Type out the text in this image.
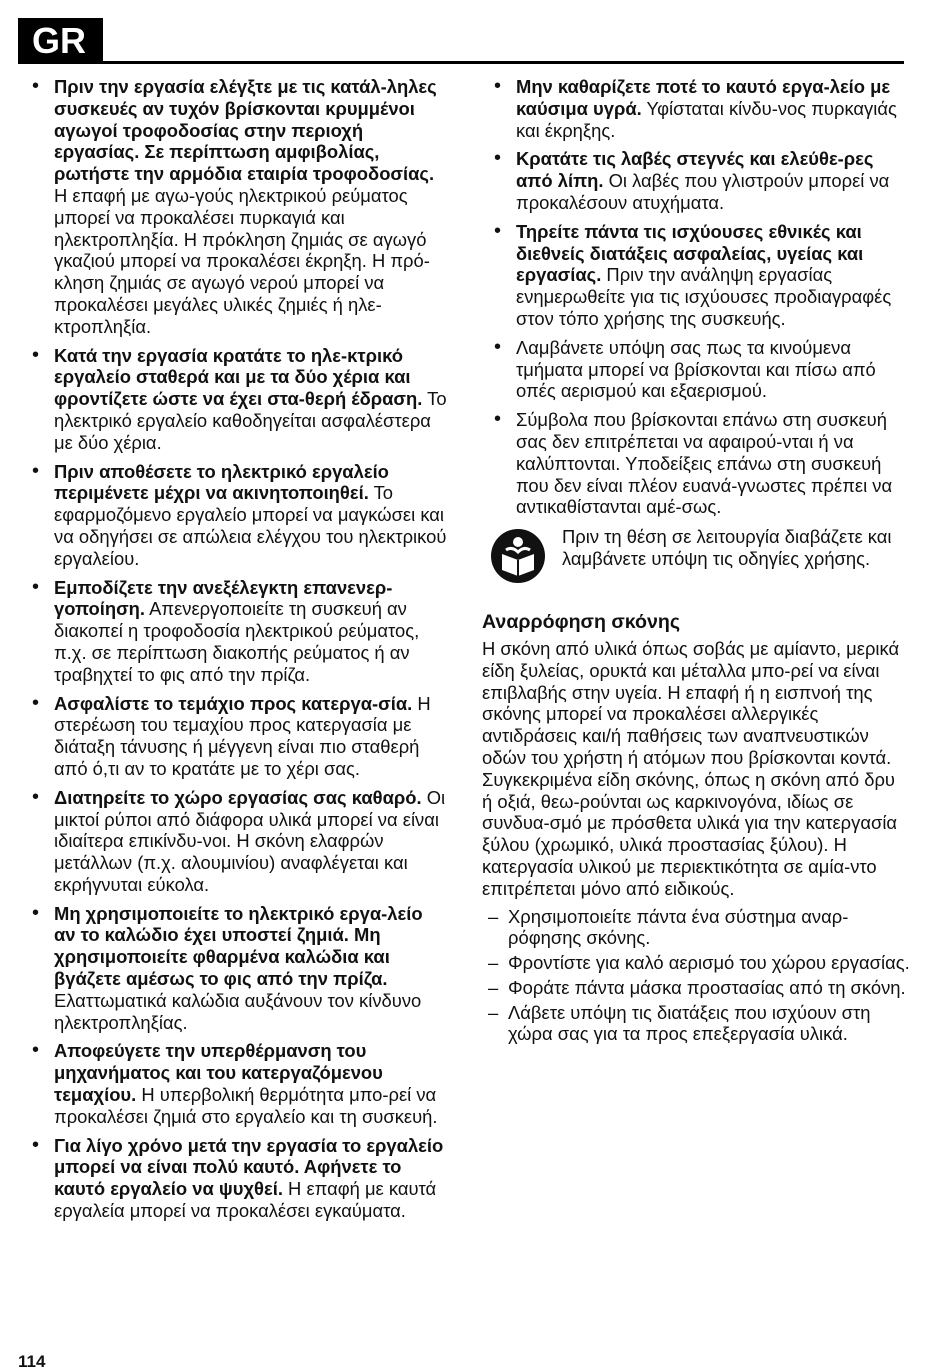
GR
• Πριν την εργασία ελέγξτε με τις κατάλ-ληλες συσκευές αν τυχόν βρίσκονται κρυμμένοι αγωγοί τροφοδοσίας στην περιοχή εργασίας. Σε περίπτωση αμφιβολίας, ρωτήστε την αρμόδια εταιρία τροφοδοσίας. Η επαφή με αγω-γούς ηλεκτρικού ρεύματος μπορεί να προκαλέσει πυρκαγιά και ηλεκτροπληξία. Η πρόκληση ζημιάς σε αγωγό γκαζιού μπορεί να προκαλέσει έκρηξη. Η πρό-κληση ζημιάς σε αγωγό νερού μπορεί να προκαλέσει μεγάλες υλικές ζημιές ή ηλε-κτροπληξία.
• Κατά την εργασία κρατάτε το ηλε-κτρικό εργαλείο σταθερά και με τα δύο χέρια και φροντίζετε ώστε να έχει στα-θερή έδραση. Το ηλεκτρικό εργαλείο καθοδηγείται ασφαλέστερα με δύο χέρια.
• Πριν αποθέσετε το ηλεκτρικό εργαλείο περιμένετε μέχρι να ακινητοποιηθεί. Το εφαρμοζόμενο εργαλείο μπορεί να μαγκώσει και να οδηγήσει σε απώλεια ελέγχου του ηλεκτρικού εργαλείου.
• Εμποδίζετε την ανεξέλεγκτη επανενερ-γοποίηση. Απενεργοποιείτε τη συσκευή αν διακοπεί η τροφοδοσία ηλεκτρικού ρεύματος, π.χ. σε περίπτωση διακοπής ρεύματος ή αν τραβηχτεί το φις από την πρίζα.
• Ασφαλίστε το τεμάχιο προς κατεργα-σία. Η στερέωση του τεμαχίου προς κατεργασία με διάταξη τάνυσης ή μέγγενη είναι πιο σταθερή από ό,τι αν το κρατάτε με το χέρι σας.
• Διατηρείτε το χώρο εργασίας σας καθαρό. Οι μικτοί ρύποι από διάφορα υλικά μπορεί να είναι ιδιαίτερα επικίνδυ-νοι. Η σκόνη ελαφρών μετάλλων (π.χ. αλουμινίου) αναφλέγεται και εκρήγνυται εύκολα.
• Μη χρησιμοποιείτε το ηλεκτρικό εργα-λείο αν το καλώδιο έχει υποστεί ζημιά. Μη χρησιμοποιείτε φθαρμένα καλώδια και βγάζετε αμέσως το φις από την πρίζα. Ελαττωματικά καλώδια αυξάνουν τον κίνδυνο ηλεκτροπληξίας.
• Αποφεύγετε την υπερθέρμανση του μηχανήματος και του κατεργαζόμενου τεμαχίου. Η υπερβολική θερμότητα μπο-ρεί να προκαλέσει ζημιά στο εργαλείο και τη συσκευή.
• Για λίγο χρόνο μετά την εργασία το εργαλείο μπορεί να είναι πολύ καυτό. Αφήνετε το καυτό εργαλείο να ψυχθεί. Η επαφή με καυτά εργαλεία μπορεί να προκαλέσει εγκαύματα.
• Μην καθαρίζετε ποτέ το καυτό εργα-λείο με καύσιμα υγρά. Υφίσταται κίνδυ-νος πυρκαγιάς και έκρηξης.
• Κρατάτε τις λαβές στεγνές και ελεύθε-ρες από λίπη. Οι λαβές που γλιστρούν μπορεί να προκαλέσουν ατυχήματα.
• Τηρείτε πάντα τις ισχύουσες εθνικές και διεθνείς διατάξεις ασφαλείας, υγείας και εργασίας. Πριν την ανάληψη εργασίας ενημερωθείτε για τις ισχύουσες προδιαγραφές στον τόπο χρήσης της συσκευής.
• Λαμβάνετε υπόψη σας πως τα κινούμενα τμήματα μπορεί να βρίσκονται και πίσω από οπές αερισμού και εξαερισμού.
• Σύμβολα που βρίσκονται επάνω στη συσκευή σας δεν επιτρέπεται να αφαιρού-νται ή να καλύπτονται. Υποδείξεις επάνω στη συσκευή που δεν είναι πλέον ευανά-γνωστες πρέπει να αντικαθίστανται αμέ-σως.
Πριν τη θέση σε λειτουργία διαβάζετε και λαμβάνετε υπόψη τις οδηγίες χρήσης.
Αναρρόφηση σκόνης
Η σκόνη από υλικά όπως σοβάς με αμίαντο, μερικά είδη ξυλείας, ορυκτά και μέταλλα μπο-ρεί να είναι επιβλαβής στην υγεία. Η επαφή ή η εισπνοή της σκόνης μπορεί να προκαλέσει αλλεργικές αντιδράσεις και/ή παθήσεις των αναπνευστικών οδών του χρήστη ή ατόμων που βρίσκονται κοντά. Συγκεκριμένα είδη σκόνης, όπως η σκόνη από δρυ ή οξιά, θεω-ρούνται ως καρκινογόνα, ιδίως σε συνδυα-σμό με πρόσθετα υλικά για την κατεργασία ξύλου (χρωμικό, υλικά προστασίας ξύλου). Η κατεργασία υλικού με περιεκτικότητα σε αμία-ντο επιτρέπεται μόνο από ειδικούς.
– Χρησιμοποιείτε πάντα ένα σύστημα αναρ-ρόφησης σκόνης.
– Φροντίστε για καλό αερισμό του χώρου εργασίας.
– Φοράτε πάντα μάσκα προστασίας από τη σκόνη.
– Λάβετε υπόψη τις διατάξεις που ισχύουν στη χώρα σας για τα προς επεξεργασία υλικά.
114
